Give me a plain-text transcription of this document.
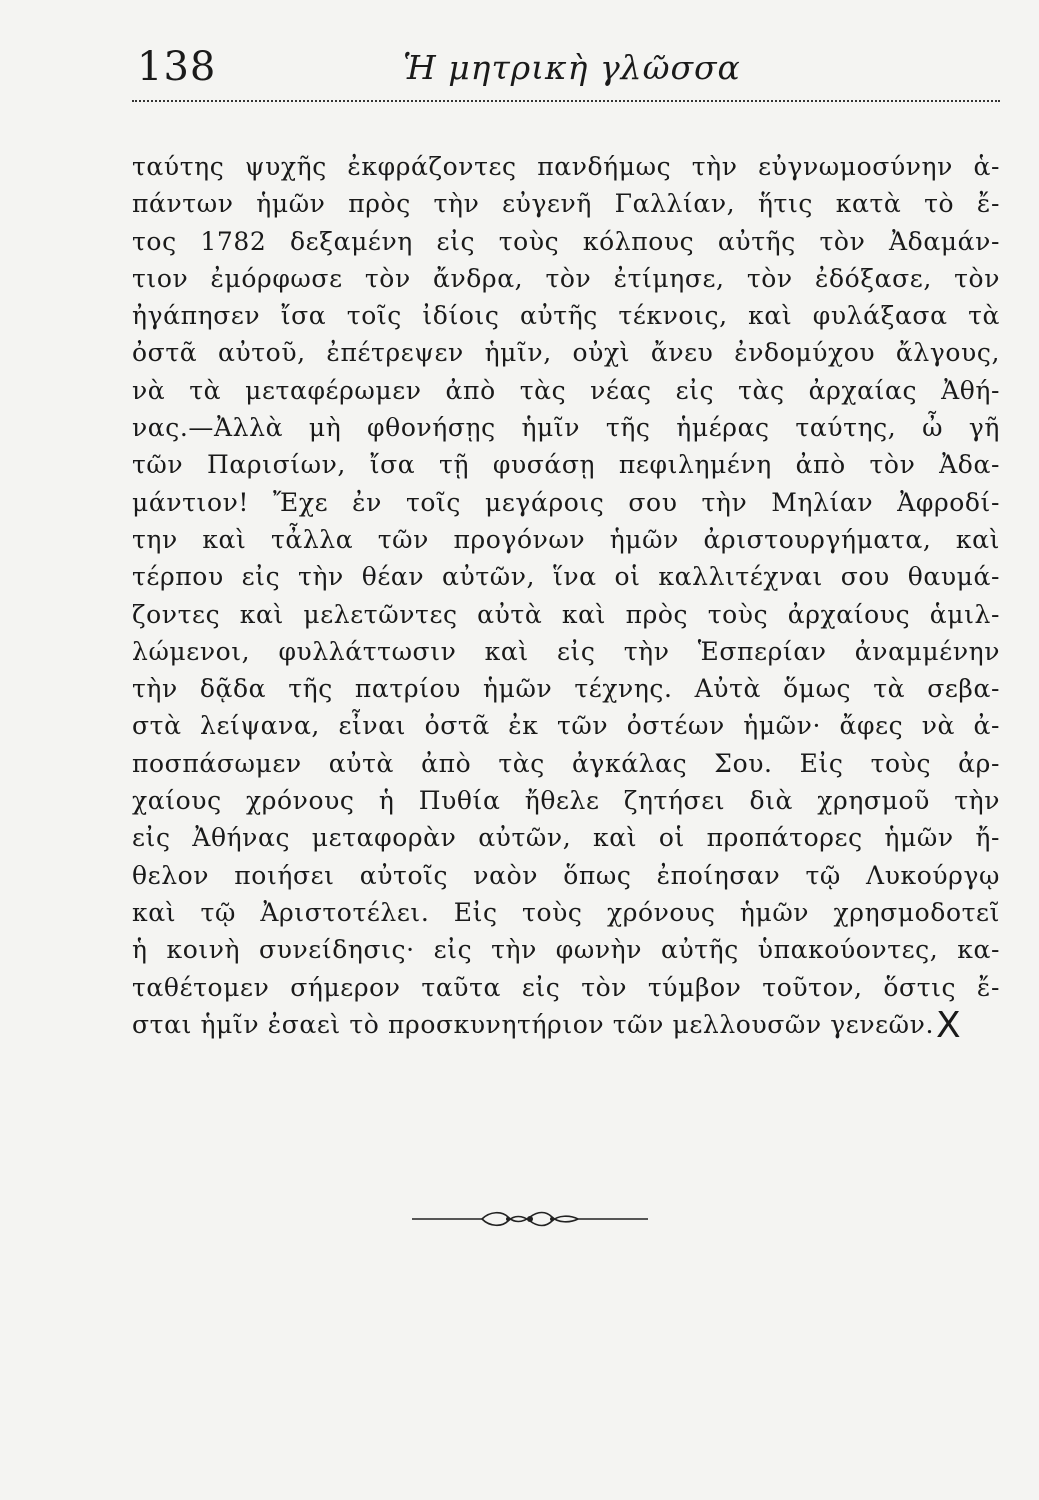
138	Ἡ μητρικὴ γλῶσσα
ταύτης ψυχῆς ἐκφράζοντες πανδήμως τὴν εὐγνωμοσύνην ἁ-
πάντων ἡμῶν πρὸς τὴν εὐγενῆ Γαλλίαν, ἥτις κατὰ τὸ ἔ-
τος 1782 δεξαμένη εἰς τοὺς κόλπους αὐτῆς τὸν Ἀδαμάν-
τιον ἐμόρφωσε τὸν ἄνδρα, τὸν ἐτίμησε, τὸν ἐδόξασε, τὸν
ἠγάπησεν ἴσα τοῖς ἰδίοις αὐτῆς τέκνοις, καὶ φυλάξασα τὰ
ὀστᾶ αὐτοῦ, ἐπέτρεψεν ἡμῖν, οὐχὶ ἄνευ ἐνδομύχου ἄλγους,
νὰ τὰ μεταφέρωμεν ἀπὸ τὰς νέας εἰς τὰς ἀρχαίας Ἀθή-
νας.—Ἀλλὰ μὴ φθονήσῃς ἡμῖν τῆς ἡμέρας ταύτης, ὦ γῆ
τῶν Παρισίων, ἴσα τῇ φυσάσῃ πεφιλημένη ἀπὸ τὸν Ἀδα-
μάντιον! Ἔχε ἐν τοῖς μεγάροις σου τὴν Μηλίαν Ἀφροδί-
την καὶ τἆλλα τῶν προγόνων ἡμῶν ἀριστουργήματα, καὶ
τέρπου εἰς τὴν θέαν αὐτῶν, ἵνα οἱ καλλιτέχναι σου θαυμά-
ζοντες καὶ μελετῶντες αὐτὰ καὶ πρὸς τοὺς ἀρχαίους ἁμιλ-
λώμενοι, φυλλάττωσιν καὶ εἰς τὴν Ἑσπερίαν ἀναμμένην
τὴν δᾷδα τῆς πατρίου ἡμῶν τέχνης. Αὐτὰ ὅμως τὰ σεβα-
στὰ λείψανα, εἶναι ὀστᾶ ἐκ τῶν ὀστέων ἡμῶν· ἄφες νὰ ἀ-
ποσπάσωμεν αὐτὰ ἀπὸ τὰς ἀγκάλας Σου. Εἰς τοὺς ἀρ-
χαίους χρόνους ἡ Πυθία ἤθελε ζητήσει διὰ χρησμοῦ τὴν
εἰς Ἀθήνας μεταφορὰν αὐτῶν, καὶ οἱ προπάτορες ἡμῶν ἤ-
θελον ποιήσει αὐτοῖς ναὸν ὅπως ἐποίησαν τῷ Λυκούργῳ
καὶ τῷ Ἀριστοτέλει. Εἰς τοὺς χρόνους ἡμῶν χρησμοδοτεῖ
ἡ κοινὴ συνείδησις· εἰς τὴν φωνὴν αὐτῆς ὑπακούοντες, κα-
ταθέτομεν σήμερον ταῦτα εἰς τὸν τύμβον τοῦτον, ὅστις ἔ-
σται ἡμῖν ἐσαεὶ τὸ προσκυνητήριον τῶν μελλουσῶν γενεῶν.X
